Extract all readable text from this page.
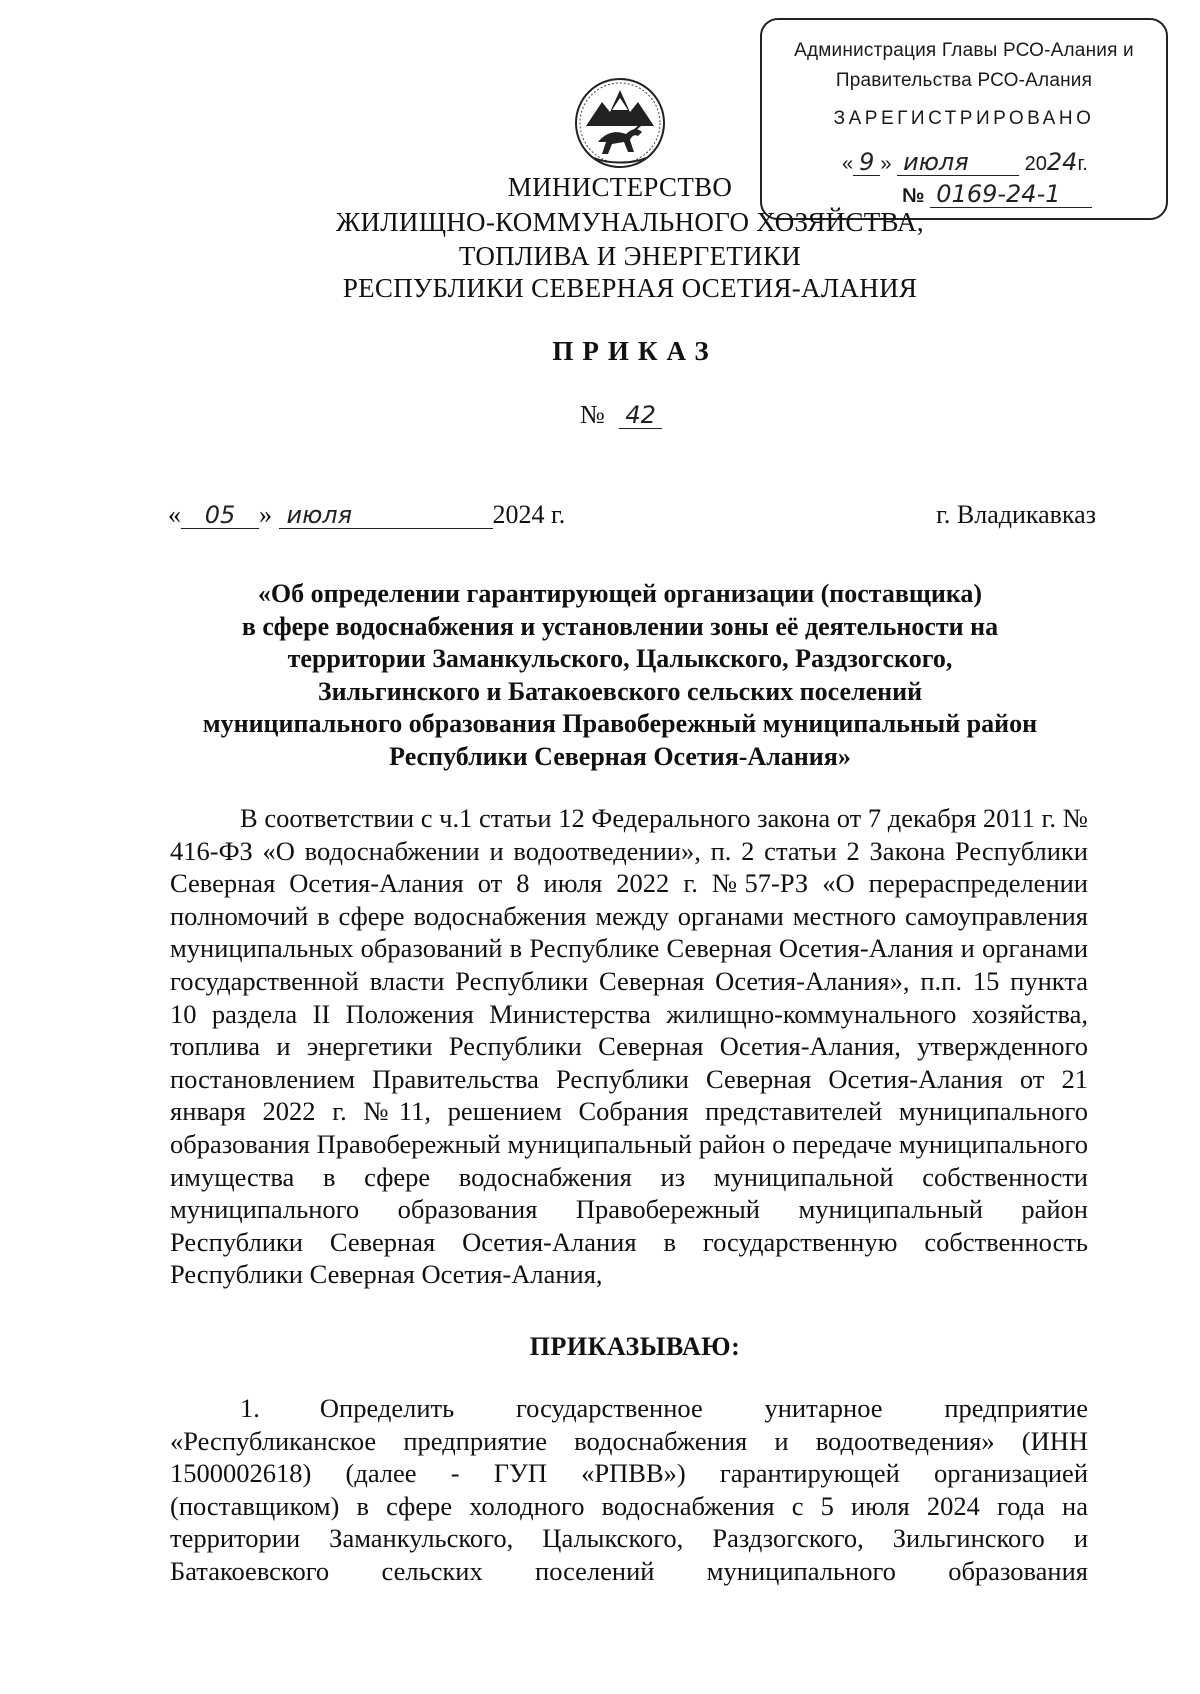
Администрация Главы РСО-Алания и
Правительства РСО-Алания
ЗАРЕГИСТРИРОВАНО
« 9 » июля	2024г.
№ 0169-24-1
МИНИСТЕРСТВО
ЖИЛИЩНО-КОММУНАЛЬНОГО ХОЗЯЙСТВА,
ТОПЛИВА И ЭНЕРГЕТИКИ
РЕСПУБЛИКИ СЕВЕРНАЯ ОСЕТИЯ-АЛАНИЯ
ПРИКАЗ
№ 42
« 05 » июля	2024 г.	г. Владикавказ
«Об определении гарантирующей организации (поставщика)
в сфере водоснабжения и установлении зоны её деятельности на
территории Заманкульского, Цалыкского, Раздзогского,
Зильгинского и Батакоевского сельских поселений
муниципального образования Правобережный муниципальный район
Республики Северная Осетия-Алания»
В соответствии с ч.1 статьи 12 Федерального закона от 7 декабря 2011 г. № 416-ФЗ «О водоснабжении и водоотведении», п. 2 статьи 2 Закона Республики Северная Осетия-Алания от 8 июля 2022 г. №57-РЗ «О перераспределении полномочий в сфере водоснабжения между органами местного самоуправления муниципальных образований в Республике Северная Осетия-Алания и органами государственной власти Республики Северная Осетия-Алания», п.п. 15 пункта 10 раздела II Положения Министерства жилищно-коммунального хозяйства, топлива и энергетики Республики Северная Осетия-Алания, утвержденного постановлением Правительства Республики Северная Осетия-Алания от 21 января 2022 г. №11, решением Собрания представителей муниципального образования Правобережный муниципальный район о передаче муниципального имущества в сфере водоснабжения из муниципальной собственности муниципального образования Правобережный муниципальный район Республики Северная Осетия-Алания в государственную собственность Республики Северная Осетия-Алания,
ПРИКАЗЫВАЮ:
1. Определить государственное унитарное предприятие «Республиканское предприятие водоснабжения и водоотведения» (ИНН 1500002618) (далее - ГУП «РПВВ») гарантирующей организацией (поставщиком) в сфере холодного водоснабжения с 5 июля 2024 года на территории Заманкульского, Цалыкского, Раздзогского, Зильгинского и Батакоевского сельских поселений муниципального образования
